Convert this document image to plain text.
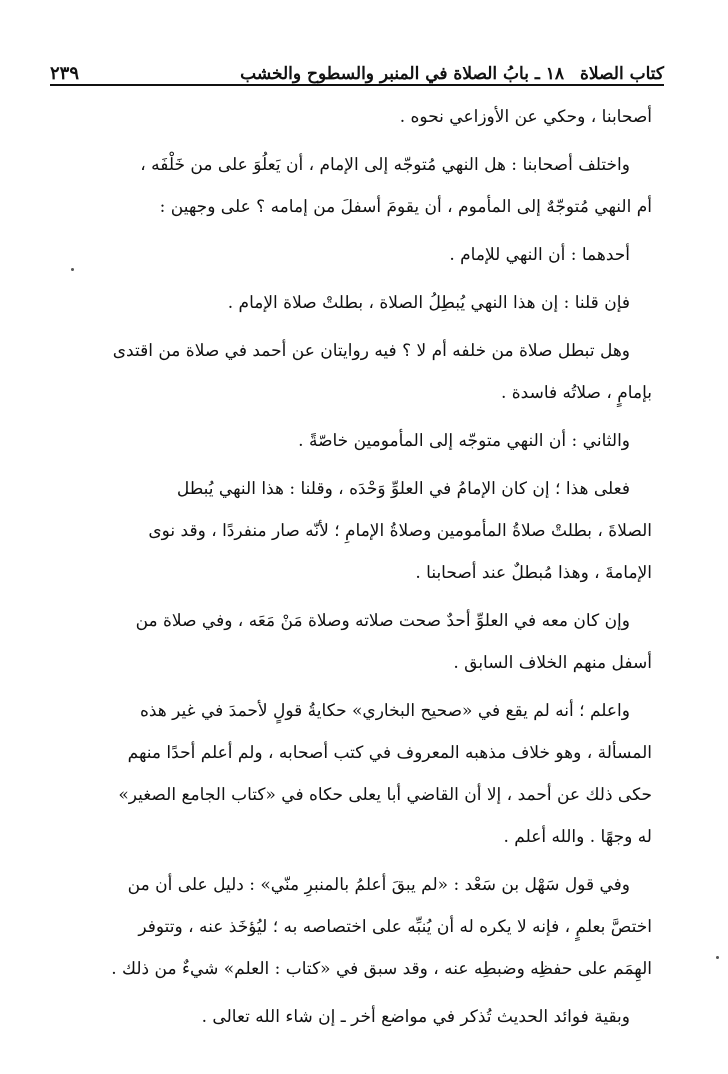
كتاب الصلاة ١٨ ـ بابُ الصلاة في المنبر والسطوح والخشب
٢٣٩

أصحابنا ، وحكي عن الأوزاعي نحوه .

واختلف أصحابنا : هل النهي مُتوجّه إلى الإمام ، أن يَعلُوَ على من خَلْفَه ،

أم النهي مُتوجّهٌ إلى المأموم ، أن يقومَ أسفلَ من إمامه ؟ على وجهين :

أحدهما : أن النهي للإمام .

فإن قلنا : إن هذا النهي يُبطِلُ الصلاة ، بطلتْ صلاة الإمام .

وهل تبطل صلاة من خلفه أم لا ؟ فيه روايتان عن أحمد في صلاة من اقتدى

بإمامٍ ، صلاتُه فاسدة .

والثاني : أن النهي متوجّه إلى المأمومين خاصّةً .

فعلى هذا ؛ إن كان الإمامُ في العلوِّ وَحْدَه ، وقلنا : هذا النهي يُبطل

الصلاةَ ، بطلتْ صلاةُ المأمومين وصلاةُ الإمامِ ؛ لأنّه صار منفردًا ، وقد نوى

الإمامةَ ، وهذا مُبطلٌ عند أصحابنا .

وإن كان معه في العلوِّ أحدٌ صحت صلاته وصلاة مَنْ مَعَه ، وفي صلاة من

أسفل منهم الخلاف السابق .

واعلم ؛ أنه لم يقع في «صحيح البخاري» حكايةُ قولٍ لأحمدَ في غير هذه

المسألة ، وهو خلاف مذهبه المعروف في كتب أصحابه ، ولم أعلم أحدًا منهم

حكى ذلك عن أحمد ، إلا أن القاضي أبا يعلى حكاه في «كتاب الجامع الصغير»

له وجهًا . والله أعلم .

وفي قول سَهْل بن سَعْد : «لم يبقَ أعلمُ بالمنبرِ منّي» : دليل على أن من

اختصَّ بعلمٍ ، فإنه لا يكره له أن يُنبِّه على اختصاصه به ؛ ليُؤخَذ عنه ، وتتوفر

الهِمَم على حفظِه وضبطِه عنه ، وقد سبق في «كتاب : العلم» شيءٌ من ذلك .

وبقية فوائد الحديث تُذكر في مواضع أخر ـ إن شاء الله تعالى .
